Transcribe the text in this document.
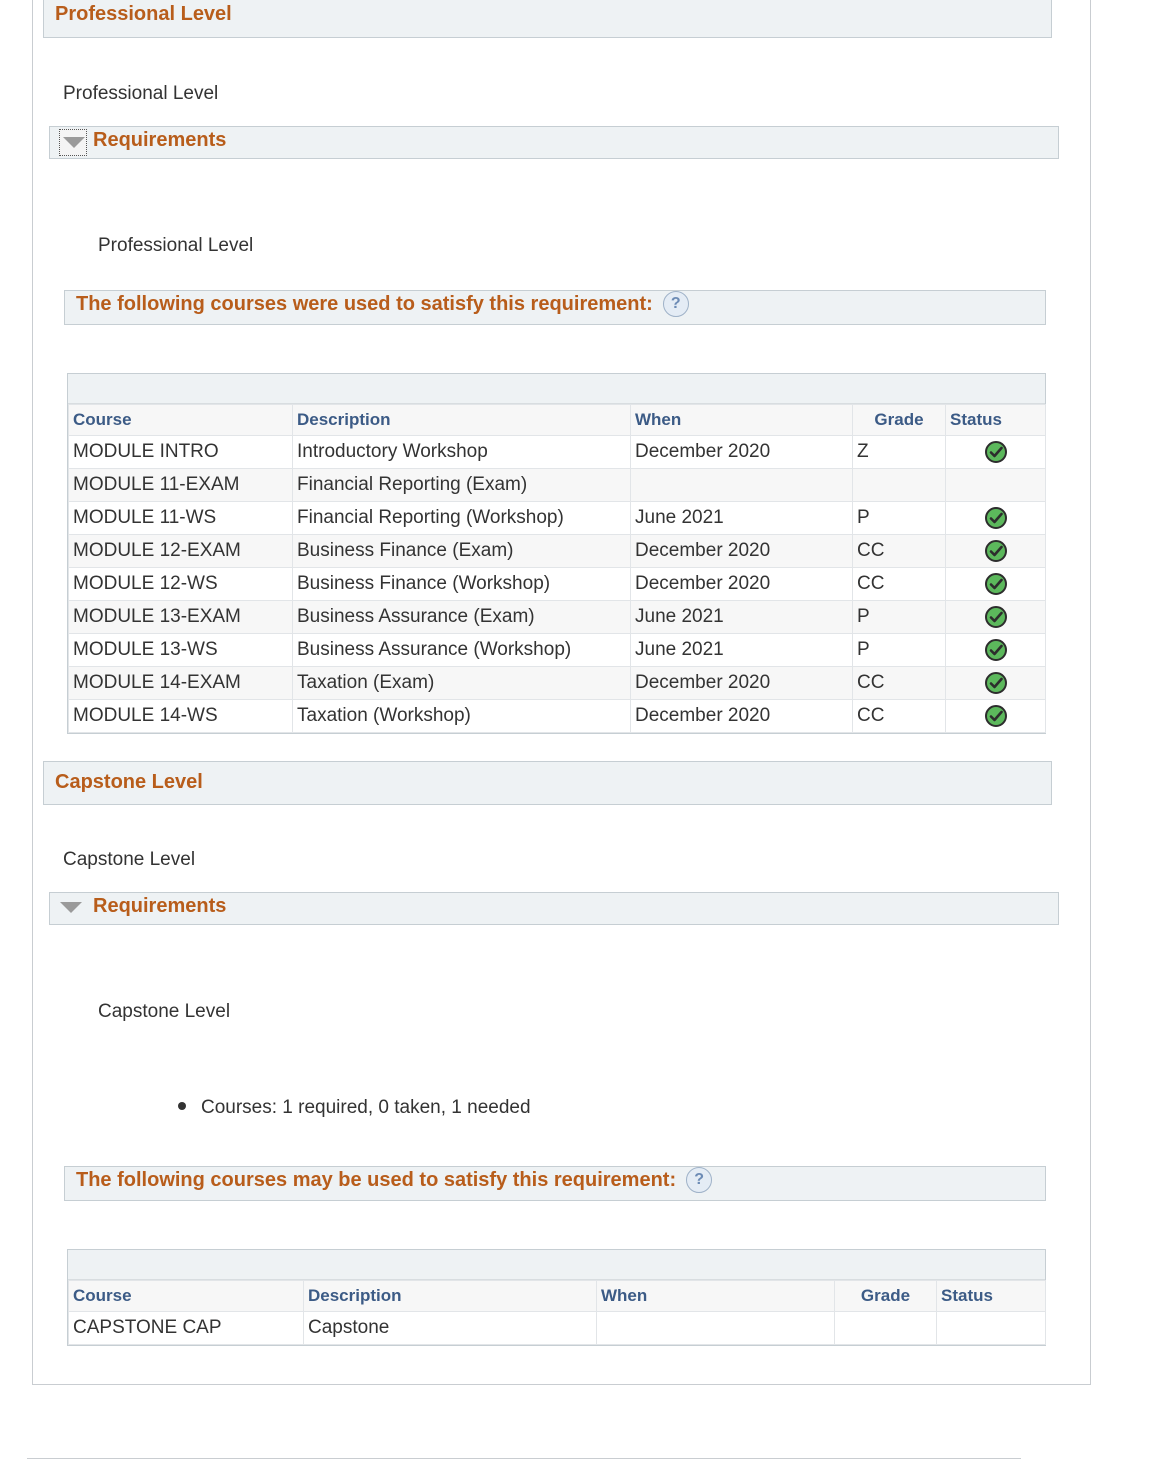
Professional Level
Professional Level
Requirements
Professional Level
The following courses were used to satisfy this requirement: ?
Course	Description	When	Grade	Status
MODULE INTRO	Introductory Workshop	December 2020	Z	
MODULE 11-EXAM	Financial Reporting (Exam)			
MODULE 11-WS	Financial Reporting (Workshop)	June 2021	P	
MODULE 12-EXAM	Business Finance (Exam)	December 2020	CC	
MODULE 12-WS	Business Finance (Workshop)	December 2020	CC	
MODULE 13-EXAM	Business Assurance (Exam)	June 2021	P	
MODULE 13-WS	Business Assurance (Workshop)	June 2021	P	
MODULE 14-EXAM	Taxation (Exam)	December 2020	CC	
MODULE 14-WS	Taxation (Workshop)	December 2020	CC	
Capstone Level
Capstone Level
Requirements
Capstone Level
Courses: 1 required, 0 taken, 1 needed
The following courses may be used to satisfy this requirement: ?
Course	Description	When	Grade	Status
CAPSTONE CAP	Capstone			
